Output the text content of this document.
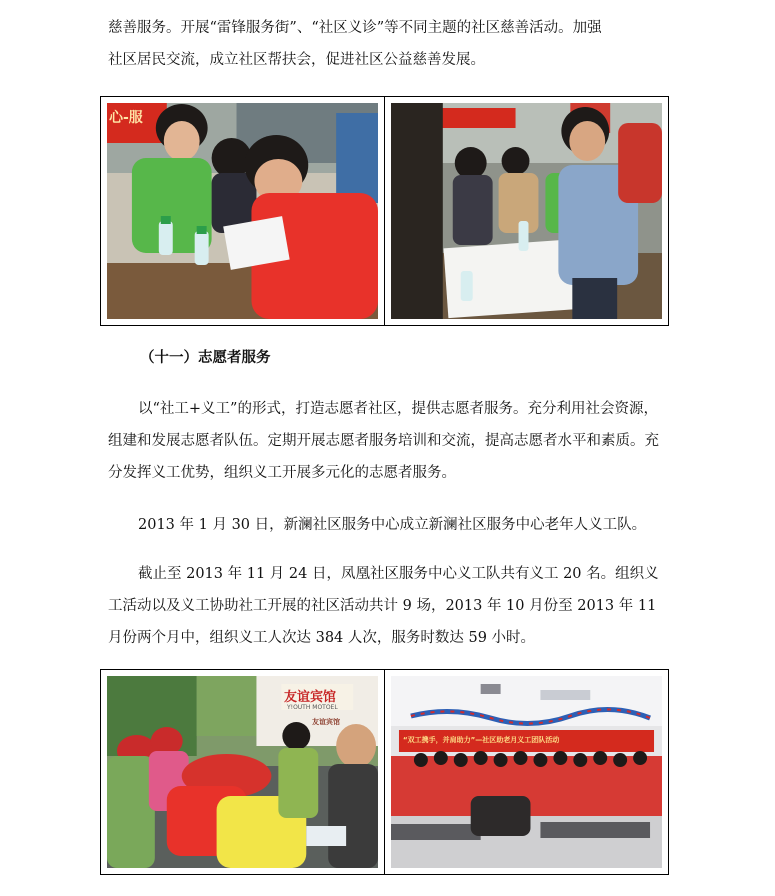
慈善服务。开展“雷锋服务街”、“社区义诊”等不同主题的社区慈善活动。加强
社区居民交流，成立社区帮扶会，促进社区公益慈善发展。
心-服
（十一）志愿者服务
以“社工+义工”的形式，打造志愿者社区，提供志愿者服务。充分利用社会资源，组建和发展志愿者队伍。定期开展志愿者服务培训和交流，提高志愿者水平和素质。充分发挥义工优势，组织义工开展多元化的志愿者服务。
2013 年 1 月 30 日，新澜社区服务中心成立新澜社区服务中心老年人义工队。
截止至 2013 年 11 月 24 日，凤凰社区服务中心义工队共有义工 20 名。组织义工活动以及义工协助社工开展的社区活动共计 9 场，2013 年 10 月份至 2013 年 11 月份两个月中，组织义工人次达 384 人次，服务时数达 59 小时。
友谊宾馆
Y!OUTH MOTOEL
友谊宾馆
“双工携手，并肩助力”—社区助老月义工团队活动
